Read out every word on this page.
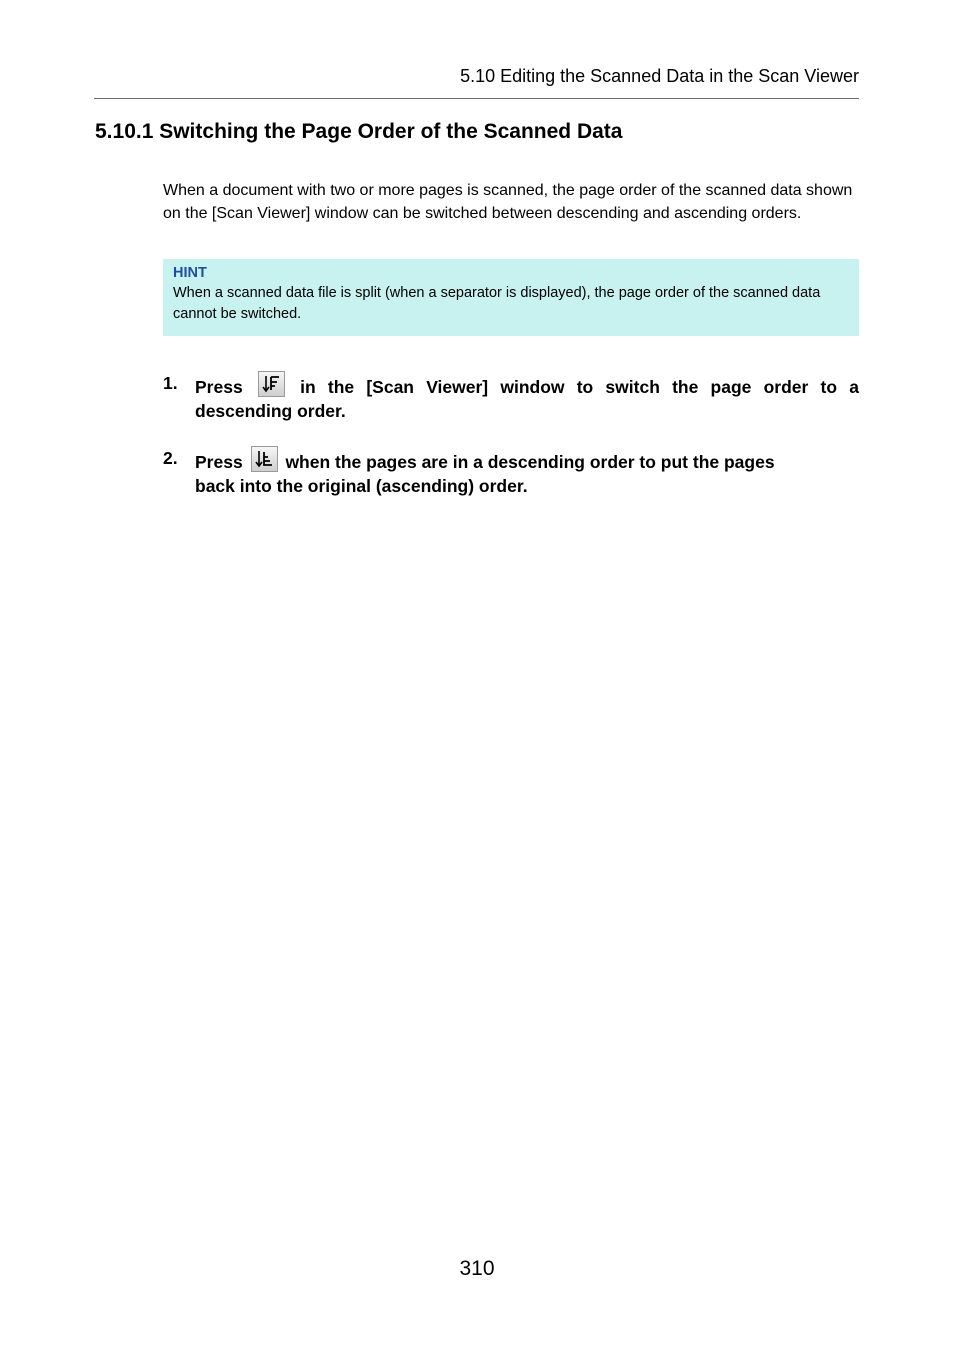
5.10 Editing the Scanned Data in the Scan Viewer
5.10.1 Switching the Page Order of the Scanned Data

When a document with two or more pages is scanned, the page order of the scanned data shown on the [Scan Viewer] window can be switched between descending and ascending orders.

HINT

When a scanned data file is split (when a separator is displayed), the page order of the scanned data cannot be switched.

1. Press	in the [Scan Viewer] window to switch the page order to a
descending order.
2. Press when the pages are in a descending order to put the pages
back into the original (ascending) order.
310
